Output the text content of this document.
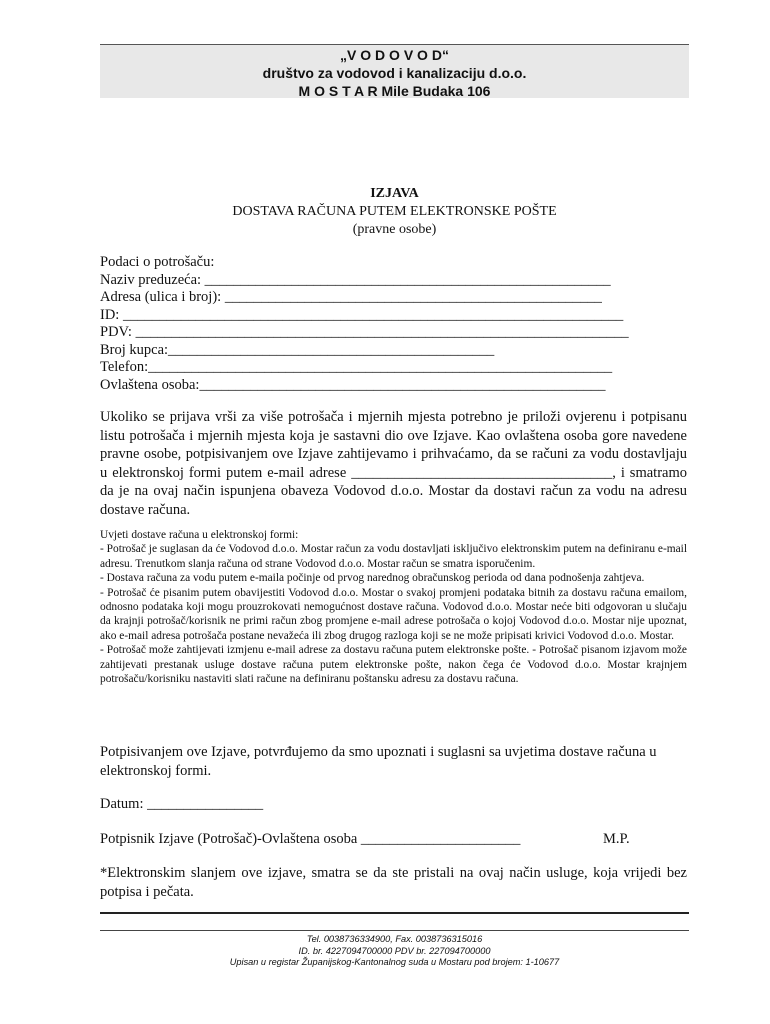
„V O D O V O D“
društvo za vodovod i kanalizaciju d.o.o.
M O S T A R Mile Budaka 106
IZJAVA
DOSTAVA RAČUNA PUTEM ELEKTRONSKE POŠTE
(pravne osobe)
Podaci o potrošaču:
Naziv preduzeća: ________________________________________________________
Adresa (ulica i broj): ____________________________________________________
ID: _____________________________________________________________________
PDV: ____________________________________________________________________
Broj kupca:_____________________________________________
Telefon:________________________________________________________________
Ovlaštena osoba:________________________________________________________
Ukoliko se prijava vrši za više potrošača i mjernih mjesta potrebno je priloži ovjerenu i potpisanu listu potrošača i mjernih mjesta koja je sastavni dio ove Izjave. Kao ovlaštena osoba gore navedene pravne osobe, potpisivanjem ove Izjave zahtijevamo i prihvaćamo, da se računi za vodu dostavljaju u elektronskoj formi putem e-mail adrese ____________________________________, i smatramo da je na ovaj način ispunjena obaveza Vodovod d.o.o. Mostar da dostavi račun za vodu na adresu dostave računa.
Uvjeti dostave računa u elektronskoj formi:
- Potrošač je suglasan da će Vodovod d.o.o. Mostar račun za vodu dostavljati isključivo elektronskim putem na definiranu e-mail adresu. Trenutkom slanja računa od strane Vodovod d.o.o. Mostar račun se smatra isporučenim.
- Dostava računa za vodu putem e-maila počinje od prvog narednog obračunskog perioda od dana podnošenja zahtjeva.
- Potrošač će pisanim putem obavijestiti Vodovod d.o.o. Mostar o svakoj promjeni podataka bitnih za dostavu računa emailom, odnosno podataka koji mogu prouzrokovati nemogućnost dostave računa. Vodovod d.o.o. Mostar neće biti odgovoran u slučaju da krajnji potrošač/korisnik ne primi račun zbog promjene e-mail adrese potrošača o kojoj Vodovod d.o.o. Mostar nije upoznat, ako e-mail adresa potrošača postane nevažeća ili zbog drugog razloga koji se ne može pripisati krivici Vodovod d.o.o. Mostar.
- Potrošač može zahtijevati izmjenu e-mail adrese za dostavu računa putem elektronske pošte. - Potrošač pisanom izjavom može zahtijevati prestanak usluge dostave računa putem elektronske pošte, nakon čega će Vodovod d.o.o. Mostar krajnjem potrošaču/korisniku nastaviti slati račune na definiranu poštansku adresu za dostavu računa.
Potpisivanjem ove Izjave, potvrđujemo da smo upoznati i suglasni sa uvjetima dostave računa u elektronskoj formi.
Datum: ________________
Potpisnik Izjave (Potrošač)-Ovlaštena osoba ______________________	M.P.
*Elektronskim slanjem ove izjave, smatra se da ste pristali na ovaj način usluge, koja vrijedi bez potpisa i pečata.
Tel. 0038736334900, Fax. 0038736315016
ID. br. 4227094700000 PDV br. 227094700000
Upisan u registar Županijskog-Kantonalnog suda u Mostaru pod brojem: 1-10677
